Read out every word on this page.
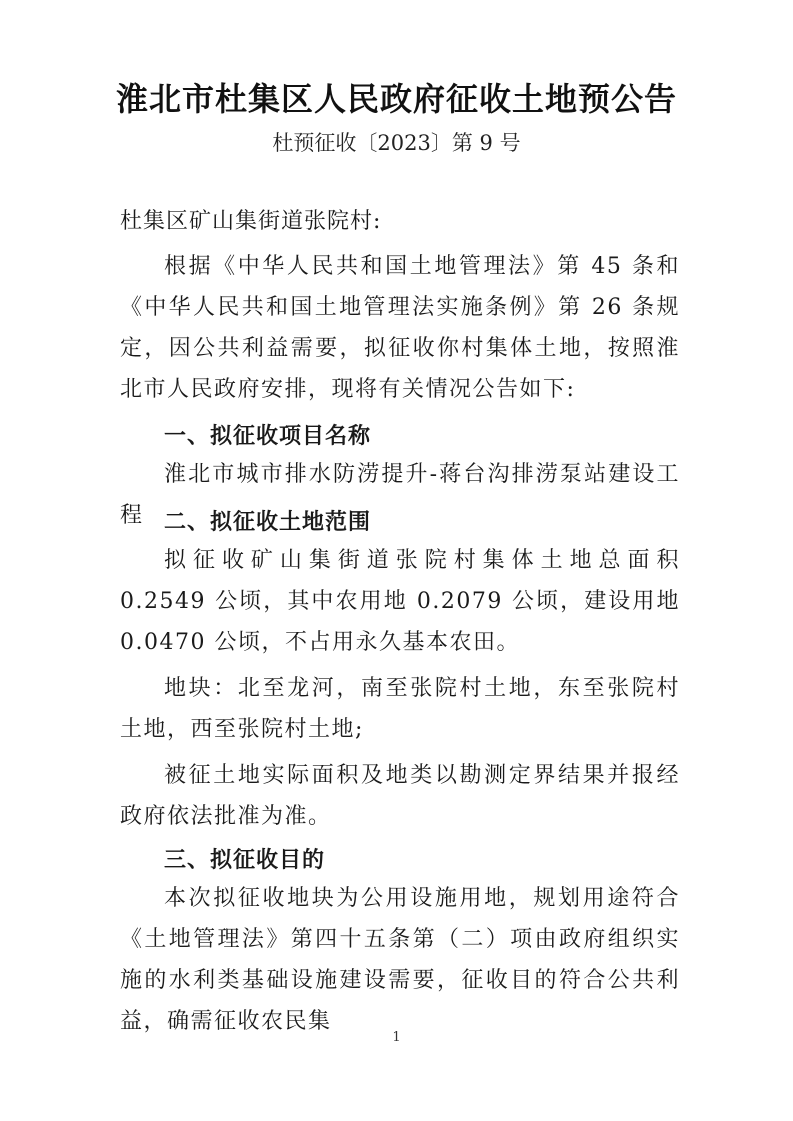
淮北市杜集区人民政府征收土地预公告
杜预征收〔2023〕第 9 号
杜集区矿山集街道张院村:

根据《中华人民共和国土地管理法》第 45 条和《中华人民共和国土地管理法实施条例》第 26 条规定，因公共利益需要，拟征收你村集体土地，按照淮北市人民政府安排，现将有关情况公告如下:

一、拟征收项目名称

淮北市城市排水防涝提升-蒋台沟排涝泵站建设工程 二、拟征收土地范围

拟征收矿山集街道张院村集体土地总面积 0.2549 公顷，其中农用地 0.2079 公顷，建设用地 0.0470 公顷，不占用永久基本农田。

地块：北至龙河，南至张院村土地，东至张院村土地，西至张院村土地;

被征土地实际面积及地类以勘测定界结果并报经政府依法批准为准。

三、拟征收目的

本次拟征收地块为公用设施用地，规划用途符合《土地管理法》第四十五条第（二）项由政府组织实施的水利类基础设施建设需要，征收目的符合公共利益，确需征收农民集

1
